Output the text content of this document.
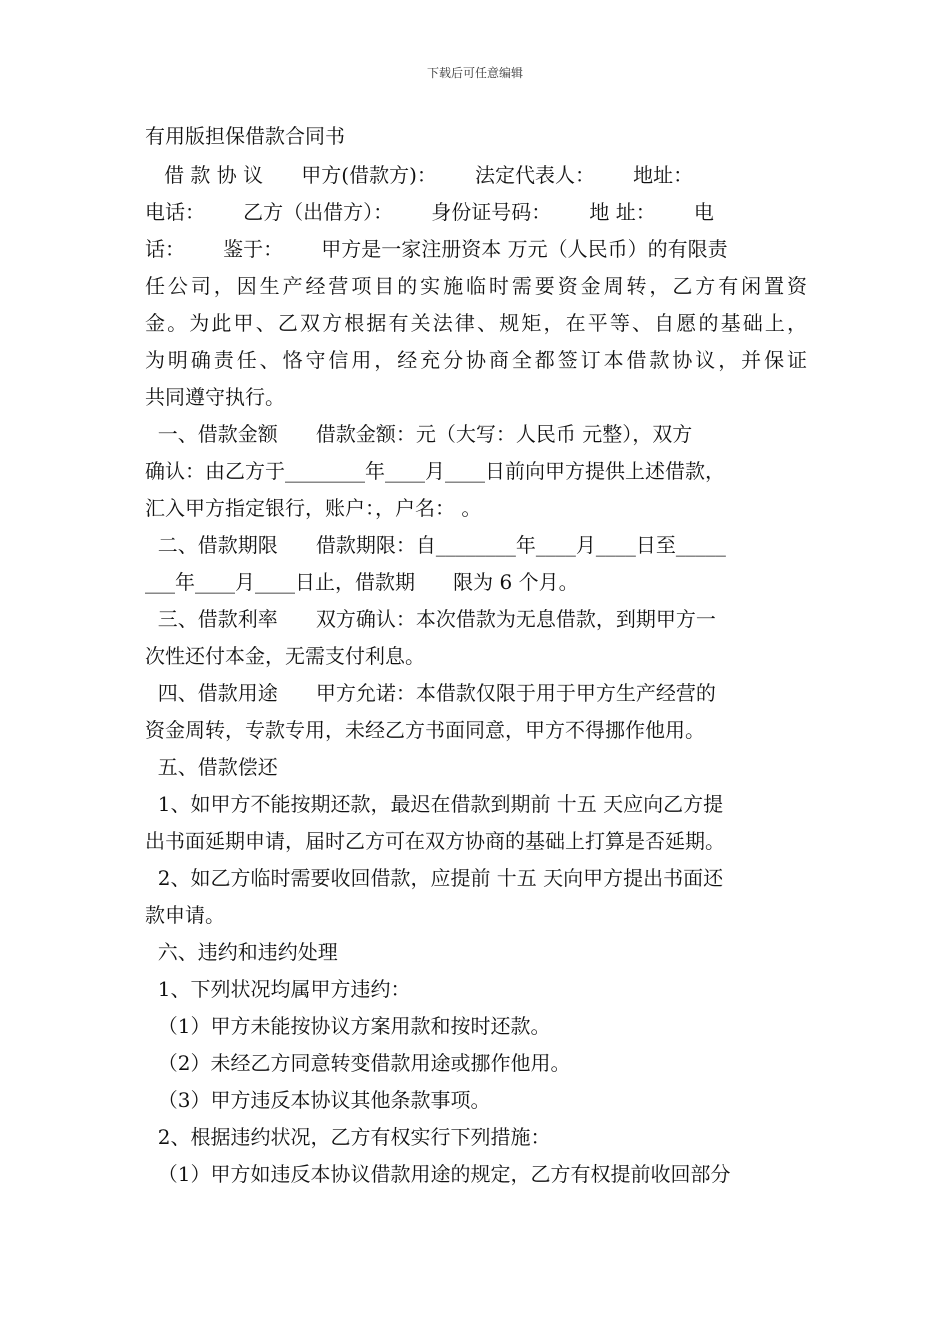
下载后可任意编辑
有用版担保借款合同书
借 款 协 议      甲方(借款方)：      法定代表人：      地址：
电话：      乙方（出借方）：      身份证号码：      地 址：      电
话：      鉴于：      甲方是一家注册资本 万元（人民币）的有限责
任公司，因生产经营项目的实施临时需要资金周转，乙方有闲置资
金。为此甲、乙双方根据有关法律、规矩，在平等、自愿的基础上，
为明确责任、恪守信用，经充分协商全都签订本借款协议，并保证
共同遵守执行。
一、借款金额      借款金额：元（大写：人民币 元整），双方
确认：由乙方于________年____月____日前向甲方提供上述借款，
汇入甲方指定银行，账户：，户名： 。
二、借款期限      借款期限：自________年____月____日至_____
___年____月____日止，借款期      限为 6 个月。
三、借款利率      双方确认：本次借款为无息借款，到期甲方一
次性还付本金，无需支付利息。
四、借款用途      甲方允诺：本借款仅限于用于甲方生产经营的
资金周转，专款专用，未经乙方书面同意，甲方不得挪作他用。
五、借款偿还
1、如甲方不能按期还款，最迟在借款到期前 十五 天应向乙方提
出书面延期申请，届时乙方可在双方协商的基础上打算是否延期。
2、如乙方临时需要收回借款，应提前 十五 天向甲方提出书面还
款申请。
六、违约和违约处理
1、下列状况均属甲方违约：
（1）甲方未能按协议方案用款和按时还款。
（2）未经乙方同意转变借款用途或挪作他用。
（3）甲方违反本协议其他条款事项。
2、根据违约状况，乙方有权实行下列措施：
（1）甲方如违反本协议借款用途的规定，乙方有权提前收回部分
